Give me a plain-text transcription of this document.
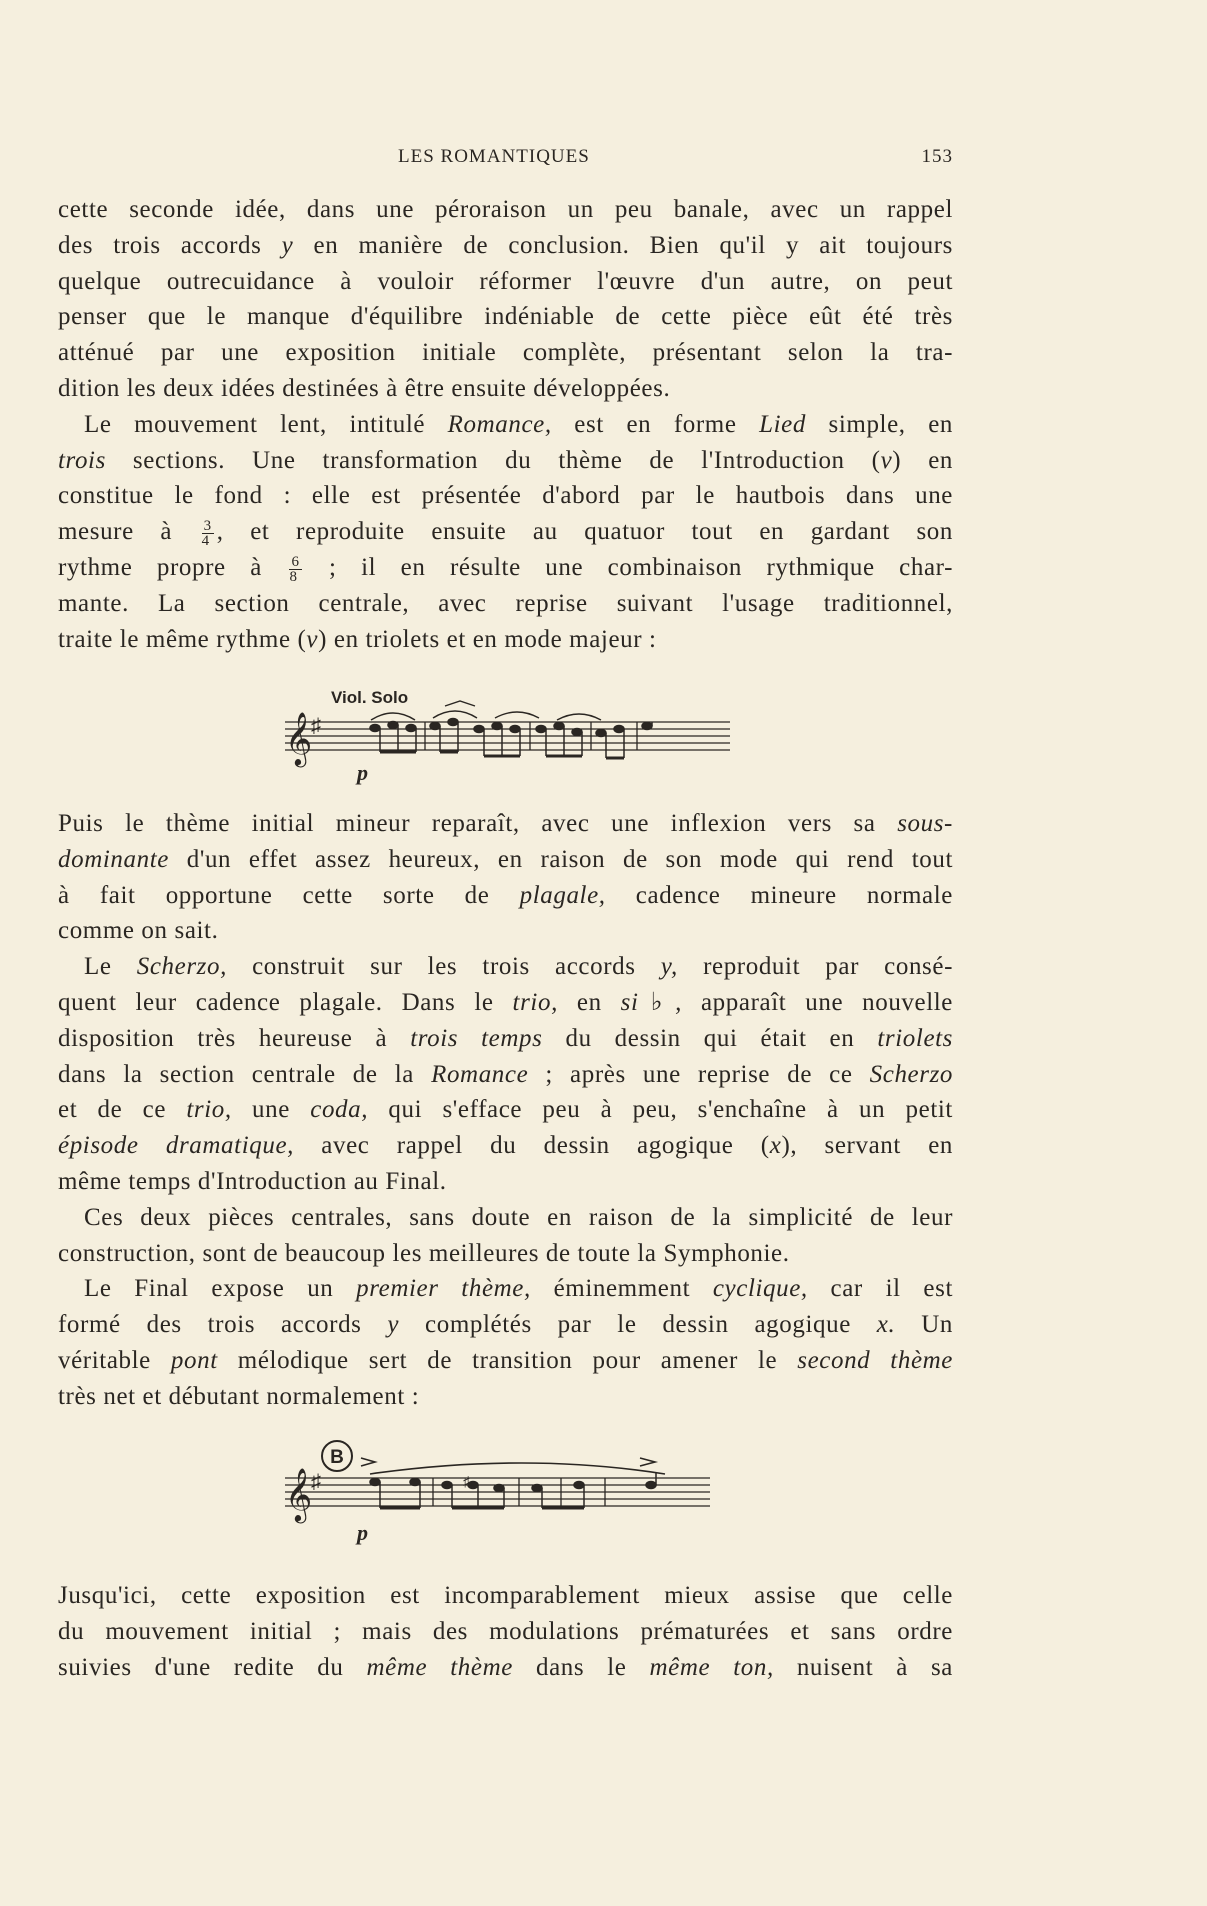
LES ROMANTIQUES	153
cette seconde idée, dans une péroraison un peu banale, avec un rappel
des trois accords y en manière de conclusion. Bien qu'il y ait toujours
quelque outrecuidance à vouloir réformer l'œuvre d'un autre, on peut
penser que le manque d'équilibre indéniable de cette pièce eût été très
atténué par une exposition initiale complète, présentant selon la tra-
dition les deux idées destinées à être ensuite développées.
Le mouvement lent, intitulé Romance, est en forme Lied simple, en
trois sections. Une transformation du thème de l'Introduction (v) en
constitue le fond : elle est présentée d'abord par le hautbois dans une
mesure à $\frac{3}{4}$ , et reproduite ensuite au quatuor tout en gardant son
rythme propre à $\frac{6}{8}$ ; il en résulte une combinaison rythmique char-
mante. La section centrale, avec reprise suivant l'usage traditionnel,
traite le même rythme (v) en triolets et en mode majeur :
Viol. Solo
𝄞
♯
p
Puis le thème initial mineur reparaît, avec une inflexion vers sa sous-
dominante d'un effet assez heureux, en raison de son mode qui rend tout
à fait opportune cette sorte de plagale, cadence mineure normale
comme on sait.
Le Scherzo, construit sur les trois accords y, reproduit par consé-
quent leur cadence plagale. Dans le trio, en si♭, apparaît une nouvelle
disposition très heureuse à trois temps du dessin qui était en triolets
dans la section centrale de la Romance ; après une reprise de ce Scherzo
et de ce trio, une coda, qui s'efface peu à peu, s'enchaîne à un petit
épisode dramatique, avec rappel du dessin agogique (x), servant en
même temps d'Introduction au Final.
Ces deux pièces centrales, sans doute en raison de la simplicité de leur
construction, sont de beaucoup les meilleures de toute la Symphonie.
Le Final expose un premier thème, éminemment cyclique, car il est
formé des trois accords y complétés par le dessin agogique x. Un
véritable pont mélodique sert de transition pour amener le second thème
très net et débutant normalement :
B
𝄞
♯	♯
p
Jusqu'ici, cette exposition est incomparablement mieux assise que celle
du mouvement initial ; mais des modulations prématurées et sans ordre
suivies d'une redite du même thème dans le même ton, nuisent à sa
